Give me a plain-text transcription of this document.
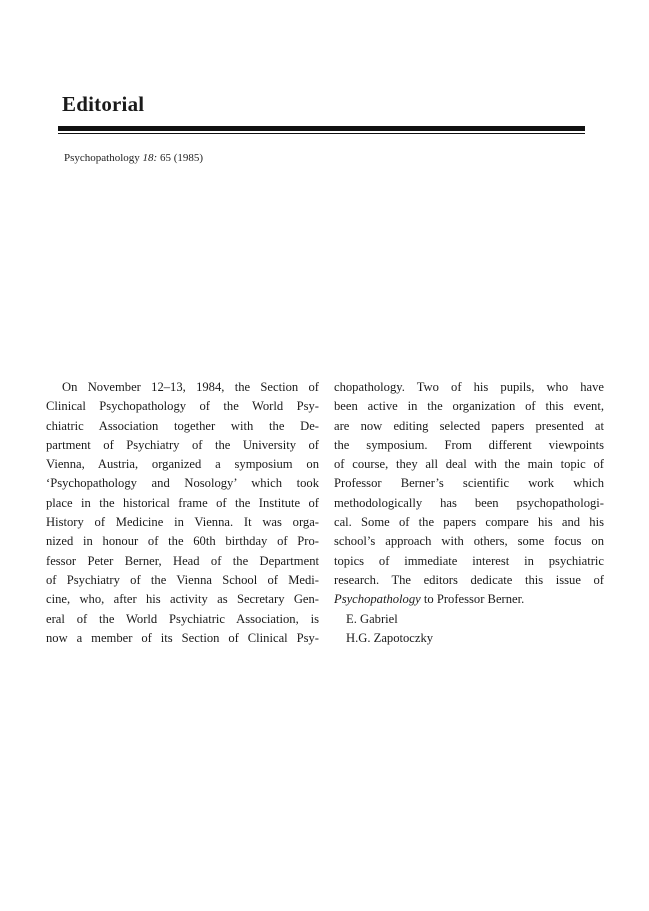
Editorial
Psychopathology 18: 65 (1985)
On November 12–13, 1984, the Section of
Clinical Psychopathology of the World Psy-
chiatric Association together with the De-
partment of Psychiatry of the University of
Vienna, Austria, organized a symposium on
‘Psychopathology and Nosology’ which took
place in the historical frame of the Institute of
History of Medicine in Vienna. It was orga-
nized in honour of the 60th birthday of Pro-
fessor Peter Berner, Head of the Department
of Psychiatry of the Vienna School of Medi-
cine, who, after his activity as Secretary Gen-
eral of the World Psychiatric Association, is
now a member of its Section of Clinical Psy-
chopathology. Two of his pupils, who have
been active in the organization of this event,
are now editing selected papers presented at
the symposium. From different viewpoints
of course, they all deal with the main topic of
Professor Berner’s scientific work which
methodologically has been psychopathologi-
cal. Some of the papers compare his and his
school’s approach with others, some focus on
topics of immediate interest in psychiatric
research. The editors dedicate this issue of
Psychopathology to Professor Berner.
E. Gabriel
H.G. Zapotoczky
